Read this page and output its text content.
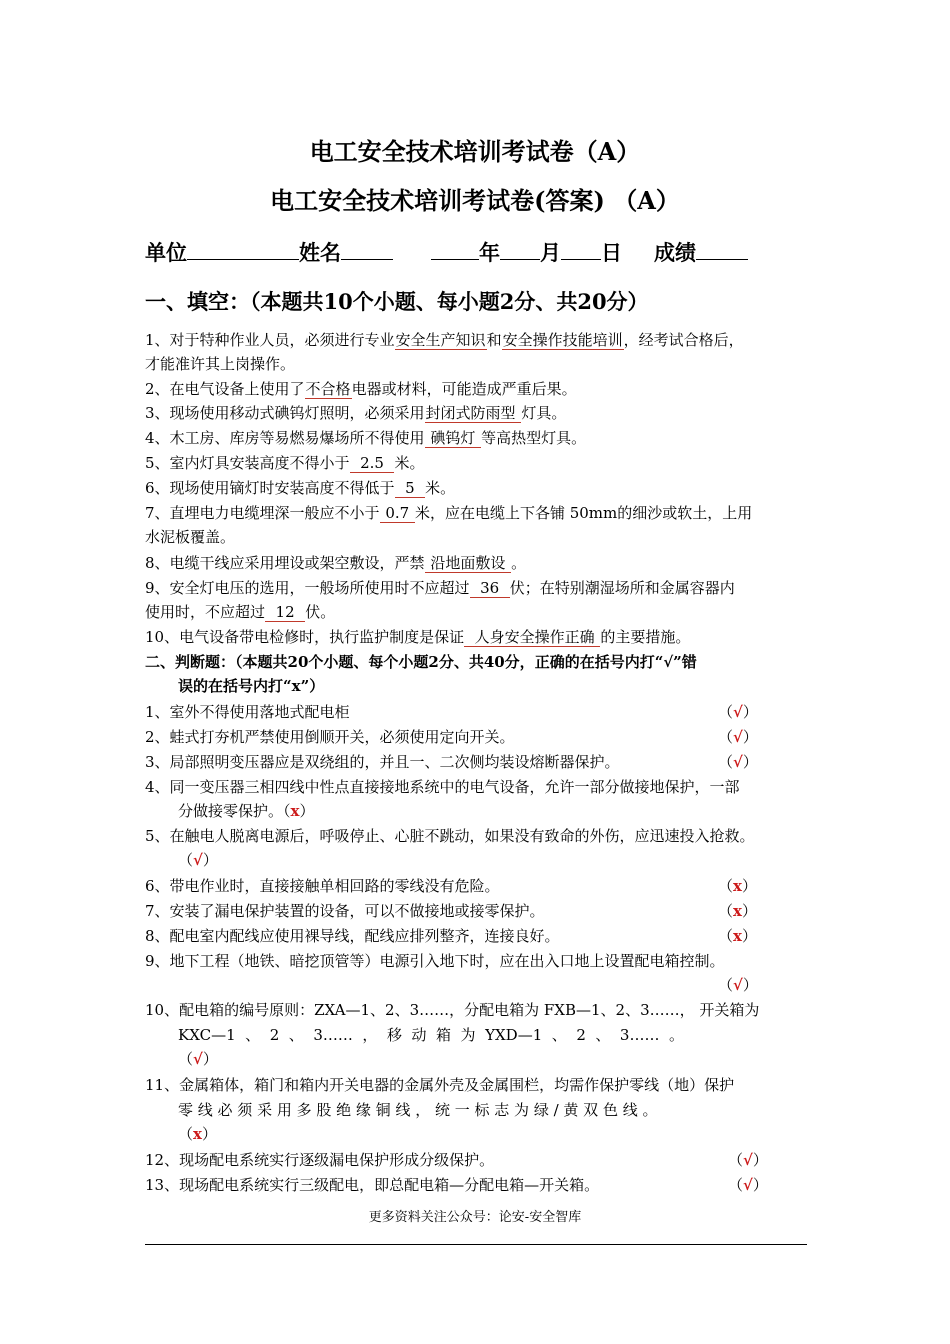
电工安全技术培训考试卷（A）
电工安全技术培训考试卷(答案) （A）
单位	姓名	年 月 日 成绩
一、填空：（本题共10个小题、每小题2分、共20分）
1、对于特种作业人员，必须进行专业安全生产知识和安全操作技能培训，经考试合格后，
才能准许其上岗操作。
2、在电气设备上使用了不合格电器或材料，可能造成严重后果。
3、现场使用移动式碘钨灯照明，必须采用封闭式防雨型 灯具。
4、木工房、库房等易燃易爆场所不得使用 碘钨灯 等高热型灯具。
5、室内灯具安装高度不得小于  2.5  米。
6、现场使用镝灯时安装高度不得低于  5  米。
7、直埋电力电缆埋深一般应不小于 0.7 米，应在电缆上下各铺 50mm的细沙或软土，上用
水泥板覆盖。
8、电缆干线应采用埋设或架空敷设，严禁 沿地面敷设 。
9、安全灯电压的选用，一般场所使用时不应超过  36  伏；在特别潮湿场所和金属容器内
使用时，不应超过  12  伏。
10、电气设备带电检修时，执行监护制度是保证  人身安全操作正确 的主要措施。
二、判断题：（本题共20个小题、每个小题2分、共40分，正确的在括号内打“√”错
误的在括号内打“x”）
1、室外不得使用落地式配电柜	（√）
2、蛙式打夯机严禁使用倒顺开关，必须使用定向开关。	（√）
3、局部照明变压器应是双绕组的，并且一、二次侧均装设熔断器保护。	（√）
4、同一变压器三相四线中性点直接接地系统中的电气设备，允许一部分做接地保护，一部
分做接零保护。（x）
5、在触电人脱离电源后，呼吸停止、心脏不跳动，如果没有致命的外伤，应迅速投入抢救。
（√）
6、带电作业时，直接接触单相回路的零线没有危险。	（x）
7、安装了漏电保护装置的设备，可以不做接地或接零保护。	（x）
8、配电室内配线应使用裸导线，配线应排列整齐，连接良好。	（x）
9、地下工程（地铁、暗挖顶管等）电源引入地下时，应在出入口地上设置配电箱控制。
（√）
10、配电箱的编号原则：ZXA—1、2、3……，分配电箱为 FXB—1、2、3……， 开关箱为
KXC—1  、  2  、  3……  ，  移  动  箱  为  YXD—1  、  2  、  3……  。
（√）
11、金属箱体，箱门和箱内开关电器的金属外壳及金属围栏，均需作保护零线（地）保护
零 线 必 须 采 用 多 股 绝 缘 铜 线 ， 统 一 标 志 为 绿 / 黄 双 色 线 。
（x）
12、现场配电系统实行逐级漏电保护形成分级保护。	（√）
13、现场配电系统实行三级配电，即总配电箱—分配电箱—开关箱。	（√）
更多资料关注公众号：论安-安全智库
